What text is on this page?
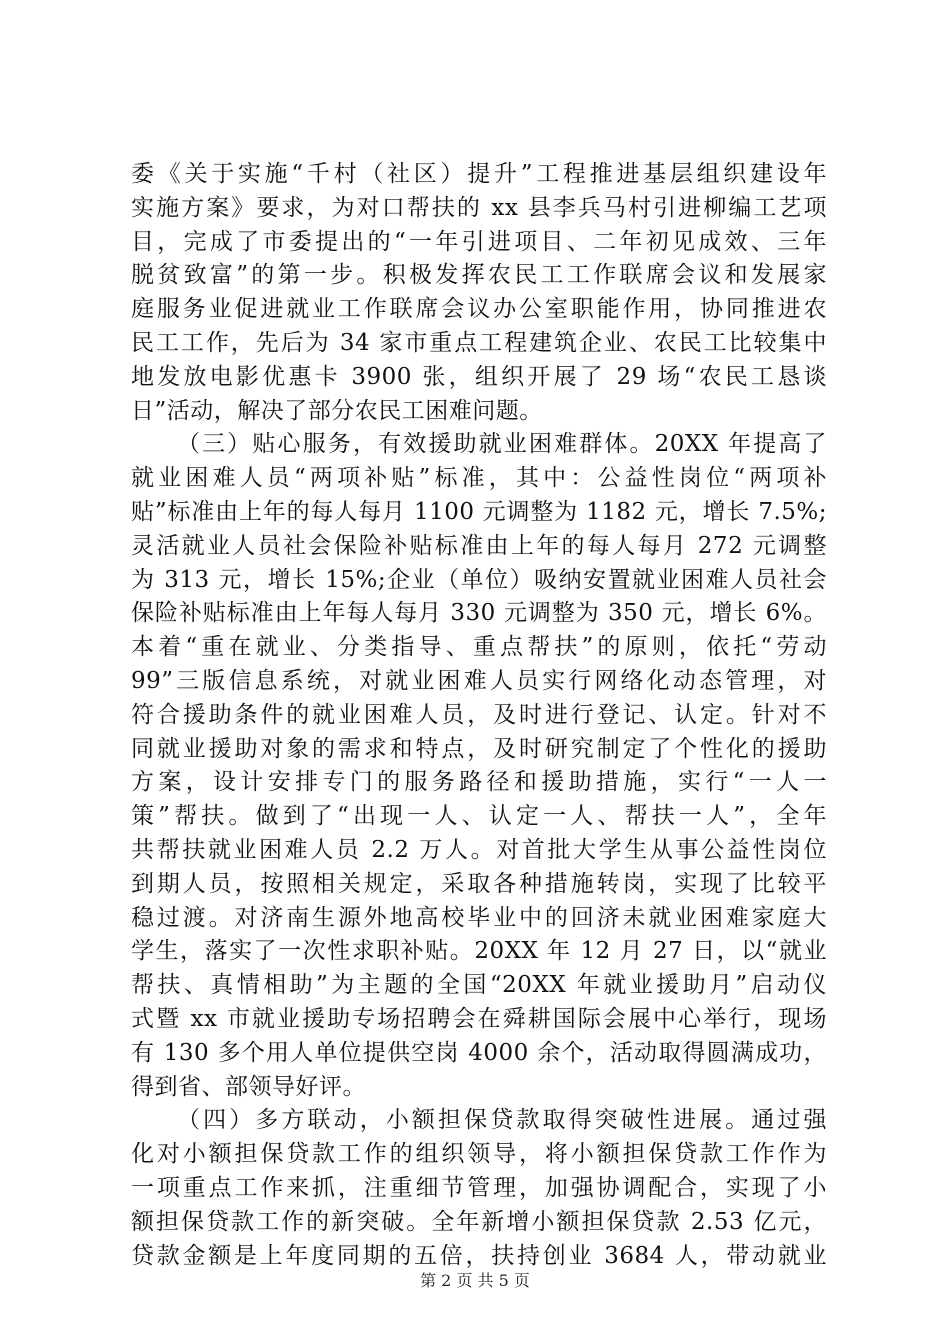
委《关于实施“千村（社区）提升”工程推进基层组织建设年
实施方案》要求，为对口帮扶的 xx 县李兵马村引进柳编工艺项
目，完成了市委提出的“一年引进项目、二年初见成效、三年
脱贫致富”的第一步。积极发挥农民工工作联席会议和发展家
庭服务业促进就业工作联席会议办公室职能作用，协同推进农
民工工作，先后为 34 家市重点工程建筑企业、农民工比较集中
地发放电影优惠卡 3900 张，组织开展了 29 场“农民工恳谈
日”活动，解决了部分农民工困难问题。
（三）贴心服务，有效援助就业困难群体。20XX 年提高了
就业困难人员“两项补贴”标准，其中：公益性岗位“两项补
贴”标准由上年的每人每月 1100 元调整为 1182 元，增长 7.5%;
灵活就业人员社会保险补贴标准由上年的每人每月 272 元调整
为 313 元，增长 15%;企业（单位）吸纳安置就业困难人员社会
保险补贴标准由上年每人每月 330 元调整为 350 元，增长 6%。
本着“重在就业、分类指导、重点帮扶”的原则，依托“劳动
99”三版信息系统，对就业困难人员实行网络化动态管理，对
符合援助条件的就业困难人员，及时进行登记、认定。针对不
同就业援助对象的需求和特点，及时研究制定了个性化的援助
方案，设计安排专门的服务路径和援助措施，实行“一人一
策”帮扶。做到了“出现一人、认定一人、帮扶一人”，全年
共帮扶就业困难人员 2.2 万人。对首批大学生从事公益性岗位
到期人员，按照相关规定，采取各种措施转岗，实现了比较平
稳过渡。对济南生源外地高校毕业中的回济未就业困难家庭大
学生，落实了一次性求职补贴。20XX 年 12 月 27 日，以“就业
帮扶、真情相助”为主题的全国“20XX 年就业援助月”启动仪
式暨 xx 市就业援助专场招聘会在舜耕国际会展中心举行，现场
有 130 多个用人单位提供空岗 4000 余个，活动取得圆满成功，
得到省、部领导好评。
（四）多方联动，小额担保贷款取得突破性进展。通过强
化对小额担保贷款工作的组织领导，将小额担保贷款工作作为
一项重点工作来抓，注重细节管理，加强协调配合，实现了小
额担保贷款工作的新突破。全年新增小额担保贷款 2.53 亿元，
贷款金额是上年度同期的五倍，扶持创业 3684 人，带动就业
第 2 页 共 5 页
